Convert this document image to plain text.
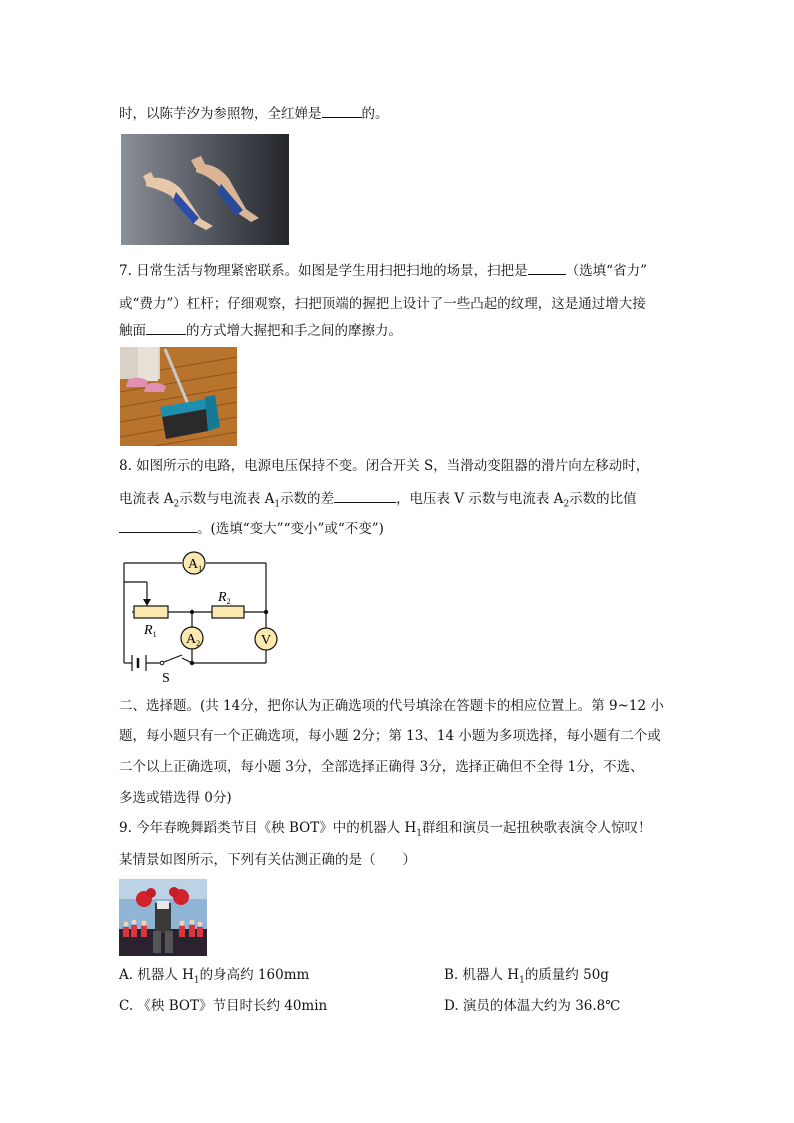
时，以陈芋汐为参照物，全红婵是	的。
7. 日常生活与物理紧密联系。如图是学生用扫把扫地的场景，扫把是	（选填“省力”
或“费力”）杠杆；仔细观察，扫把顶端的握把上设计了一些凸起的纹理，这是通过增大接
触面	的方式增大握把和手之间的摩擦力。
8. 如图所示的电路，电源电压保持不变。闭合开关 S，当滑动变阻器的滑片向左移动时，
电流表 $A_2$示数与电流表 $A_1$示数的差	，电压表 V 示数与电流表 $A_2$示数的比值
。(选填“变大”“变小”或“不变”)
$A_1$
$A_2$	V
$R_2$
$R_1$
S
二、选择题。(共 14分，把你认为正确选项的代号填涂在答题卡的相应位置上。第 9~12 小
题，每小题只有一个正确选项，每小题 2分；第 13、14 小题为多项选择，每小题有二个或
二个以上正确选项，每小题 3分，全部选择正确得 3分，选择正确但不全得 1分，不选、
多选或错选得 0分)
9. 今年春晚舞蹈类节目《秧 BOT》中的机器人 $H_1$群组和演员一起扭秧歌表演令人惊叹！
某情景如图所示，下列有关估测正确的是（　　）
A. 机器人 $H_1$的身高约 160mm	B. 机器人 $H_1$的质量约 50g
C. 《秧 BOT》节目时长约 40min	D. 演员的体温大约为 36.8℃
